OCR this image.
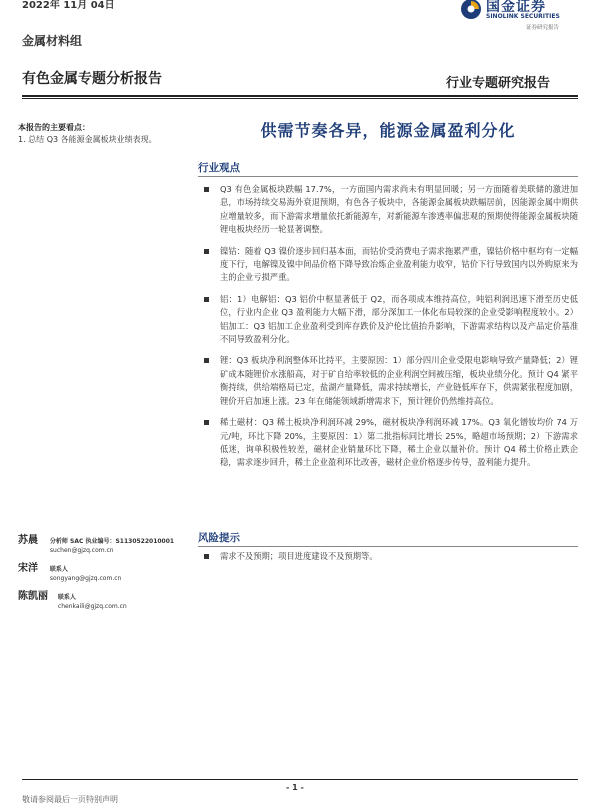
2022年 11月 04日	国金证券
SINOLINK SECURITIES
证券研究报告
金属材料组
有色金属专题分析报告	行业专题研究报告
本报告的主要看点：
1. 总结 Q3 各能源金属板块业绩表现。	供需节奏各异，能源金属盈利分化
行业观点
Q3 有色金属板块跌幅 17.7%，一方面国内需求尚未有明显回暖；另一方面随着美联储的激进加息，市场持续交易海外衰退预期，有色各子板块中，各能源金属板块跌幅居前，因能源金属中期供应增量较多，而下游需求增量依托新能源车，对新能源车渗透率偏悲观的预期使得能源金属板块随锂电板块经历一轮显著调整。
镍钴：随着 Q3 镍价逐步回归基本面，而钴价受消费电子需求拖累严重，镍钴价格中枢均有一定幅度下行，电解镍及镍中间品价格下降导致冶炼企业盈利能力收窄，钴价下行导致国内以外购原来为主的企业亏损严重。
铝：1）电解铝：Q3 铝价中枢显著低于 Q2，而各项成本维持高位，吨铝利润迅速下滑至历史低位，行业内企业 Q3 盈利能力大幅下滑，部分深加工一体化布局较深的企业受影响程度较小。2）铝加工：Q3 铝加工企业盈利受到库存跌价及沪伦比值抬升影响，下游需求结构以及产品定价基准不同导致盈利分化。
锂：Q3 板块净利润整体环比持平，主要原因：1）部分四川企业受限电影响导致产量降低；2）锂矿成本随锂价水涨船高，对于矿自给率较低的企业利润空间被压缩，板块业绩分化。预计 Q4 紧平衡持续，供给端格局已定，盐湖产量降低，需求持续增长，产业链低库存下，供需紧张程度加剧，锂价开启加速上涨。23 年在储能领域新增需求下，预计锂价仍然维持高位。
稀土磁材：Q3 稀土板块净利润环减 29%，磁材板块净利润环减 17%。Q3 氧化镨钕均价 74 万元/吨，环比下降 20%，主要原因：1）第二批指标同比增长 25%，略超市场预期；2）下游需求低迷，询单积极性较差，磁材企业销量环比下降，稀土企业以量补价。预计 Q4 稀土价格止跌企稳，需求逐步回升，稀土企业盈利环比改善，磁材企业价格逐步传导，盈利能力提升。
风险提示
需求不及预期；项目进度建设不及预期等。
苏晨 分析师 SAC 执业编号：S1130522010001
suchen@gjzq.com.cn
宋洋 联系人
songyang@gjzq.com.cn
陈凯丽 联系人
chenkaili@gjzq.com.cn
- 1 -
敬请参阅最后一页特别声明
